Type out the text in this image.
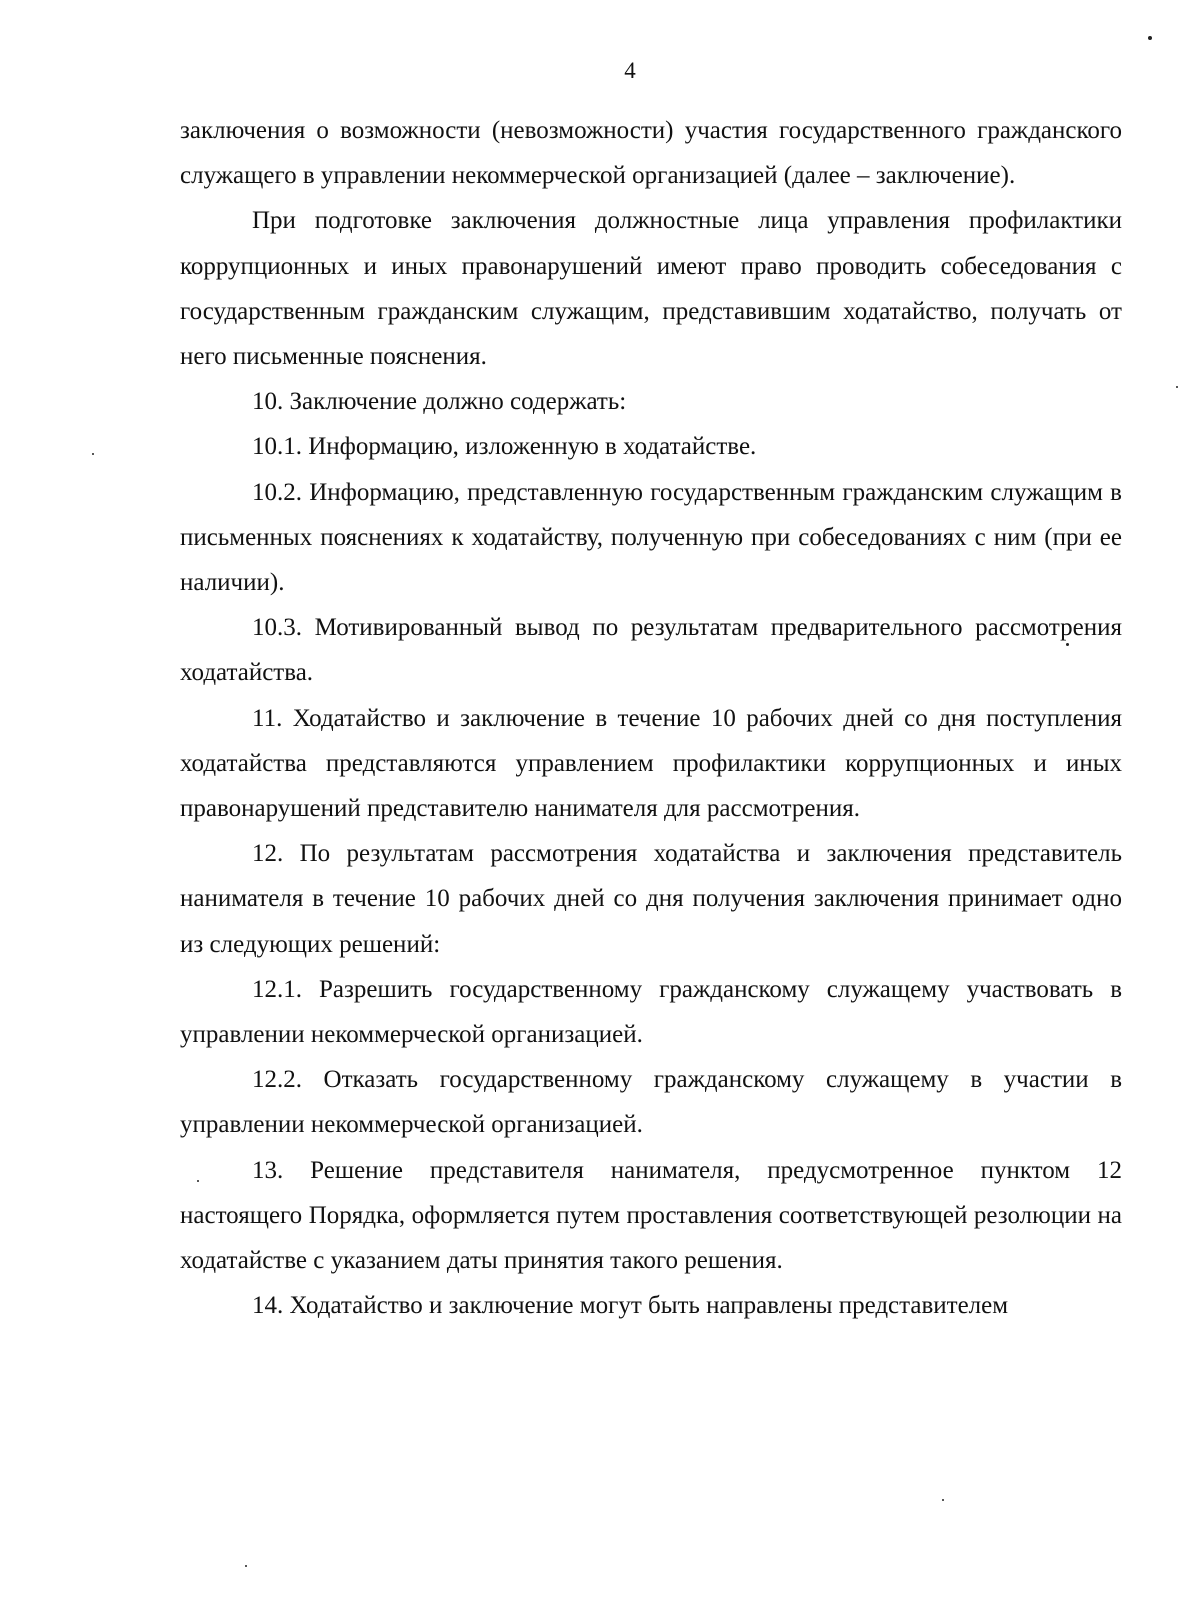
4

заключения о возможности (невозможности) участия государственного гражданского служащего в управлении некоммерческой организацией (далее – заключение).

При подготовке заключения должностные лица управления профилактики коррупционных и иных правонарушений имеют право проводить собеседования с государственным гражданским служащим, представившим ходатайство, получать от него письменные пояснения.

10. Заключение должно содержать:

10.1. Информацию, изложенную в ходатайстве.

10.2. Информацию, представленную государственным гражданским служащим в письменных пояснениях к ходатайству, полученную при собеседованиях с ним (при ее наличии).

10.3. Мотивированный вывод по результатам предварительного рассмотрения ходатайства.

11. Ходатайство и заключение в течение 10 рабочих дней со дня поступления ходатайства представляются управлением профилактики коррупционных и иных правонарушений представителю нанимателя для рассмотрения.

12. По результатам рассмотрения ходатайства и заключения представитель нанимателя в течение 10 рабочих дней со дня получения заключения принимает одно из следующих решений:

12.1. Разрешить государственному гражданскому служащему участвовать в управлении некоммерческой организацией.

12.2. Отказать государственному гражданскому служащему в участии в управлении некоммерческой организацией.

13. Решение представителя нанимателя, предусмотренное пунктом 12 настоящего Порядка, оформляется путем проставления соответствующей резолюции на ходатайстве с указанием даты принятия такого решения.

14. Ходатайство и заключение могут быть направлены представителем
